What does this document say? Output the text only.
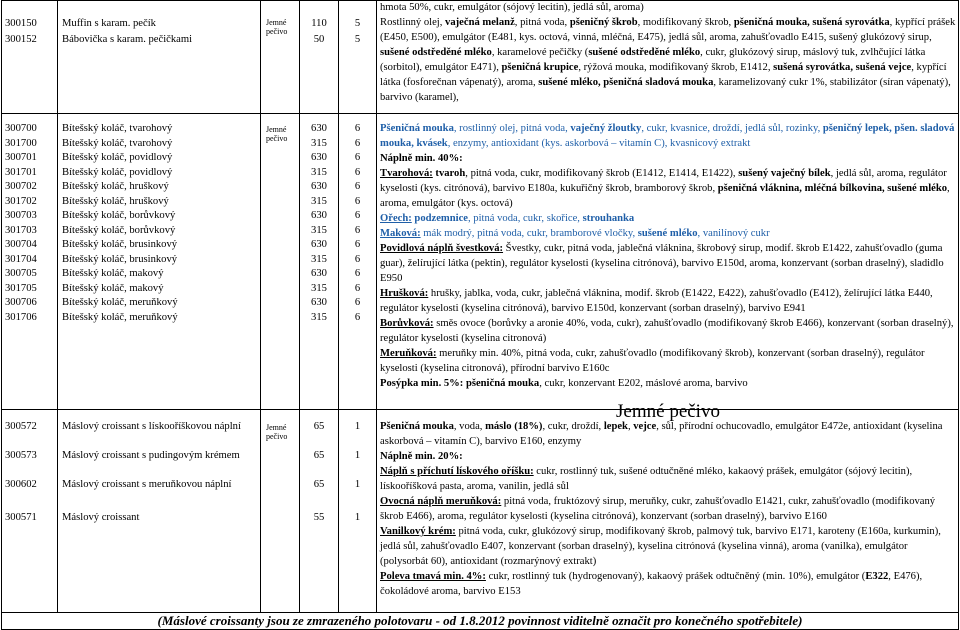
300150 Muffin s karam. pečík	110	5
300152 Bábovička s karam. pečičkami	50	5
Jemné pečivo
300700 Bítešský koláč, tvarohový	630	6
301700 Bítešský koláč, tvarohový	315	6
300701 Bítešský koláč, povidlový	630	6
301701 Bítešský koláč, povidlový	315	6
300702 Bítešský koláč, hruškový	630	6
301702 Bítešský koláč, hruškový	315	6
300703 Bítešský koláč, borůvkový	630	6
301703 Bítešský koláč, borůvkový	315	6
300704 Bítešský koláč, brusinkový	630	6
301704 Bítešský koláč, brusinkový	315	6
300705 Bítešský koláč, makový	630	6
301705 Bítešský koláč, makový	315	6
300706 Bítešský koláč, meruňkový	630	6
301706 Bítešský koláč, meruňkový	315	6
Jemné pečivo
300572 Máslový croissant s lískooříškovou náplní	65	1
300573 Máslový croissant s pudingovým krémem	65	1
300602 Máslový croissant s meruňkovou náplní	65	1
300571 Máslový croissant	55	1
Jemné pečivo
hmota 50%, cukr, emulgátor (sójový lecitin), jedlá sůl, aroma)
Rostlinný olej, vaječná melanž, pitná voda, pšeničný škrob, modifikovaný škrob, pšeničná mouka, sušená syrovátka, kypřící prášek (E450, E500), emulgátor (E481, kys. octová, vinná, mléčná, E475), jedlá sůl, aroma, zahušťovadlo E415, sušený glukózový sirup, sušené odstředěné mléko, karamelové pečičky (sušené odstředěné mléko, cukr, glukózový sirup, máslový tuk, zvlhčující látka (sorbitol), emulgátor E471), pšeničná krupice, rýžová mouka, modifikovaný škrob, E1412, sušená syrovátka, sušená vejce, kypřící látka (fosforečnan vápenatý), aroma, sušené mléko, pšeničná sladová mouka, karamelizovaný cukr 1%, stabilizátor (síran vápenatý), barvivo (karamel),
Pšeničná mouka, rostlinný olej, pitná voda, vaječný žloutky, cukr, kvasnice, droždí, jedlá sůl, rozinky, pšeničný lepek, pšen. sladová mouka, kvásek, enzymy, antioxidant (kys. askorbová – vitamín C), kvasnicový extrakt
Náplně min. 40%:
Tvarohová: tvaroh, pitná voda, cukr, modifikovaný škrob (E1412, E1414, E1422), sušený vaječný bílek, jedlá sůl, aroma, regulátor kyselosti (kys. citrónová), barvivo E180a, kukuřičný škrob, bramborový škrob, pšeničná vláknina, mléčná bílkovina, sušené mléko, aroma, emulgátor (kys. octová)
Ořech: podzemnice, pitná voda, cukr, skořice, strouhanka
Maková: mák modrý, pitná voda, cukr, bramborové vločky, sušené mléko, vanilínový cukr
Povidlová náplň švestková: Švestky, cukr, pitná voda, jablečná vláknina, škrobový sirup, modif. škrob E1422, zahušťovadlo (guma guar), želírující látka (pektin), regulátor kyselosti (kyselina citrónová), barvivo E150d, aroma, konzervant (sorban draselný), sladidlo E950
Hrušková: hrušky, jablka, voda, cukr, jablečná vláknina, modif. škrob (E1422, E422), zahušťovadlo (E412), želírující látka E440, regulátor kyselosti (kyselina citrónová), barvivo E150d, konzervant (sorban draselný), barvivo E941
Borůvková: směs ovoce (borůvky a aronie 40%, voda, cukr), zahušťovadlo (modifikovaný škrob E466), konzervant (sorban draselný), regulátor kyselosti (kyselina citronová)
Meruňková: meruňky min. 40%, pitná voda, cukr, zahušťovadlo (modifikovaný škrob), konzervant (sorban draselný), regulátor kyselosti (kyselina citronová), přírodní barvivo E160c
Posýpka min. 5%: pšeničná mouka, cukr, konzervant E202, máslové aroma, barvivo
Jemné pečivo
Pšeničná mouka, voda, máslo (18%), cukr, droždí, lepek, vejce, sůl, přírodní ochucovadlo, emulgátor E472e, antioxidant (kyselina askorbová – vitamín C), barvivo E160, enzymy
Náplně min. 20%:
Náplň s příchutí lískového oříšku: cukr, rostlinný tuk, sušené odtučněné mléko, kakaový prášek, emulgátor (sójový lecitin), lískooříšková pasta, aroma, vanilin, jedlá sůl
Ovocná náplň meruňková: pitná voda, fruktózový sirup, meruňky, cukr, zahušťovadlo E1421, cukr, zahušťovadlo (modifikovaný škrob E466), aroma, regulátor kyselosti (kyselina citrónová), konzervant (sorban draselný), barvivo E160
Vanilkový krém: pitná voda, cukr, glukózový sirup, modifikovaný škrob, palmový tuk, barvivo E171, karoteny (E160a, kurkumin), jedlá sůl, zahušťovadlo E407, konzervant (sorban draselný), kyselina citrónová (kyselina vinná), aroma (vanilka), emulgátor (polysorbát 60), antioxidant (rozmarýnový extrakt)
Poleva tmavá min. 4%: cukr, rostlinný tuk (hydrogenovaný), kakaový prášek odtučněný (min. 10%), emulgátor (E322, E476), čokoládové aroma, barvivo E153
(Máslové croissanty jsou ze zmrazeného polotovaru - od 1.8.2012 povinnost viditelně označit pro konečného spotřebitele)
